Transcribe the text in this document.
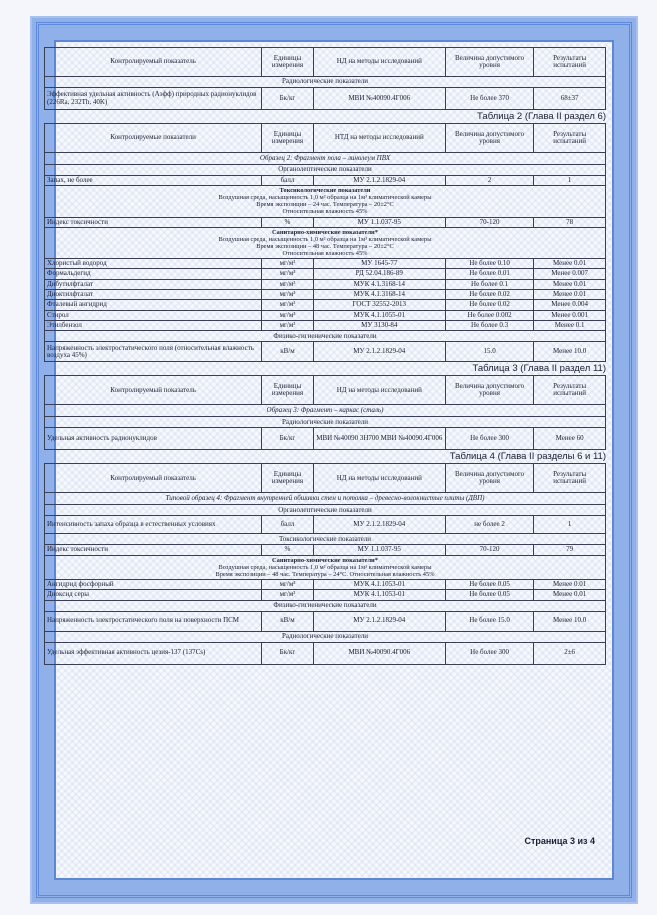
Контролируемый показатель	Единицы измерения	НД на методы исследований	Величина допустимого уровня	Результаты испытаний
Радиологические показатели				
Эффективная удельная активность (Аэфф) природных радионуклидов (226Ra, 232Th, 40K)	Бк/кг	МВИ №40090.4Г006	Не более 370	68±37
Таблица 2 (Глава II раздел 6)
Контролируемые показатели	Единицы измерения	НТД на методы исследований	Величина допустимого уровня	Результаты испытаний
Образец 2: Фрагмент пола – линолеум ПВХ				
Органолептические показатели				
Запах, не более	балл	МУ 2.1.2.1829-04	2	1
Токсикологические показатели
Воздушная среда, насыщенность 1,0 м² образца на 1м³ климатической камеры
Время экспозиции – 24 час. Температура – 20±2°С
Относительная влажность 45%				
Индекс токсичности	%	МУ 1.1.037-95	70-120	78
Санитарно-химические показатели*
Воздушная среда, насыщенность 1,0 м² образца на 1м³ климатической камеры
Время экспозиции – 48 час. Температура – 20±2°С
Относительная влажность 45%				
Хлористый водород	мг/м³	МУ 1645-77	Не более 0.10	Менее 0.01
Формальдегид	мг/м³	РД 52.04.186-89	Не более 0.01	Менее 0.007
Дибутилфталат	мг/м³	МУК 4.1.3168-14	Не более 0.1	Менее 0.01
Диоктилфталат	мг/м³	МУК 4.1.3168-14	Не более 0.02	Менее 0.01
Фталевый ангидрид	мг/м³	ГОСТ 32552-2013	Не более 0.02	Менее 0.004
Стирол	мг/м³	МУК 4.1.1055-01	Не более 0.002	Менее 0.001
Этилбензол	мг/м³	МУ 3130-84	Не более 0.3	Менее 0.1
Физико-гигиенические показатели				
Напряженность электростатического поля (относительная влажность воздуха 45%)	кВ/м	МУ 2.1.2.1829-04	15.0	Менее 10.0
Таблица 3 (Глава II раздел 11)
Контролируемый показатель	Единицы измерения	НД на методы исследований	Величина допустимого уровня	Результаты испытаний
Образец 3: Фрагмент – каркас (сталь)				
Радиологические показатели				
Удельная активность радионуклидов	Бк/кг	МВИ №40090 3H700 МВИ №40090.4Г006	Не более 300	Менее 60
Таблица 4 (Глава II разделы 6 и 11)
Контролируемый показатель	Единицы измерения	НД на методы исследований	Величина допустимого уровня	Результаты испытаний
Типовой образец 4: Фрагмент внутренней обшивки стен и потолка – древесно-волокнистые плиты (ДВП)				
Органолептические показатели				
Интенсивность запаха образца в естественных условиях	балл	МУ 2.1.2.1829-04	не более 2	1
Токсикологические показатели				
Индекс токсичности	%	МУ 1.1.037-95	70-120	79
Санитарно-химические показатели*
Воздушная среда, насыщенность 1,0 м² образца на 1м³ климатической камеры
Время экспозиции – 48 час. Температура – 24°С. Относительная влажность 45%				
Ангидрид фосфорный	мг/м³	МУК 4.1.1053-01	Не более 0.05	Менее 0.01
Диоксид серы	мг/м³	МУК 4.1.1053-01	Не более 0.05	Менее 0.01
Физико-гигиенические показатели				
Напряженность электростатического поля на поверхности ПСМ	кВ/м	МУ 2.1.2.1829-04	Не более 15.0	Менее 10.0
Радиологические показатели				
Удельная эффективная активность цезия-137 (137Cs)	Бк/кг	МВИ №40090.4Г006	Не более 300	2±6
Страница 3 из 4
